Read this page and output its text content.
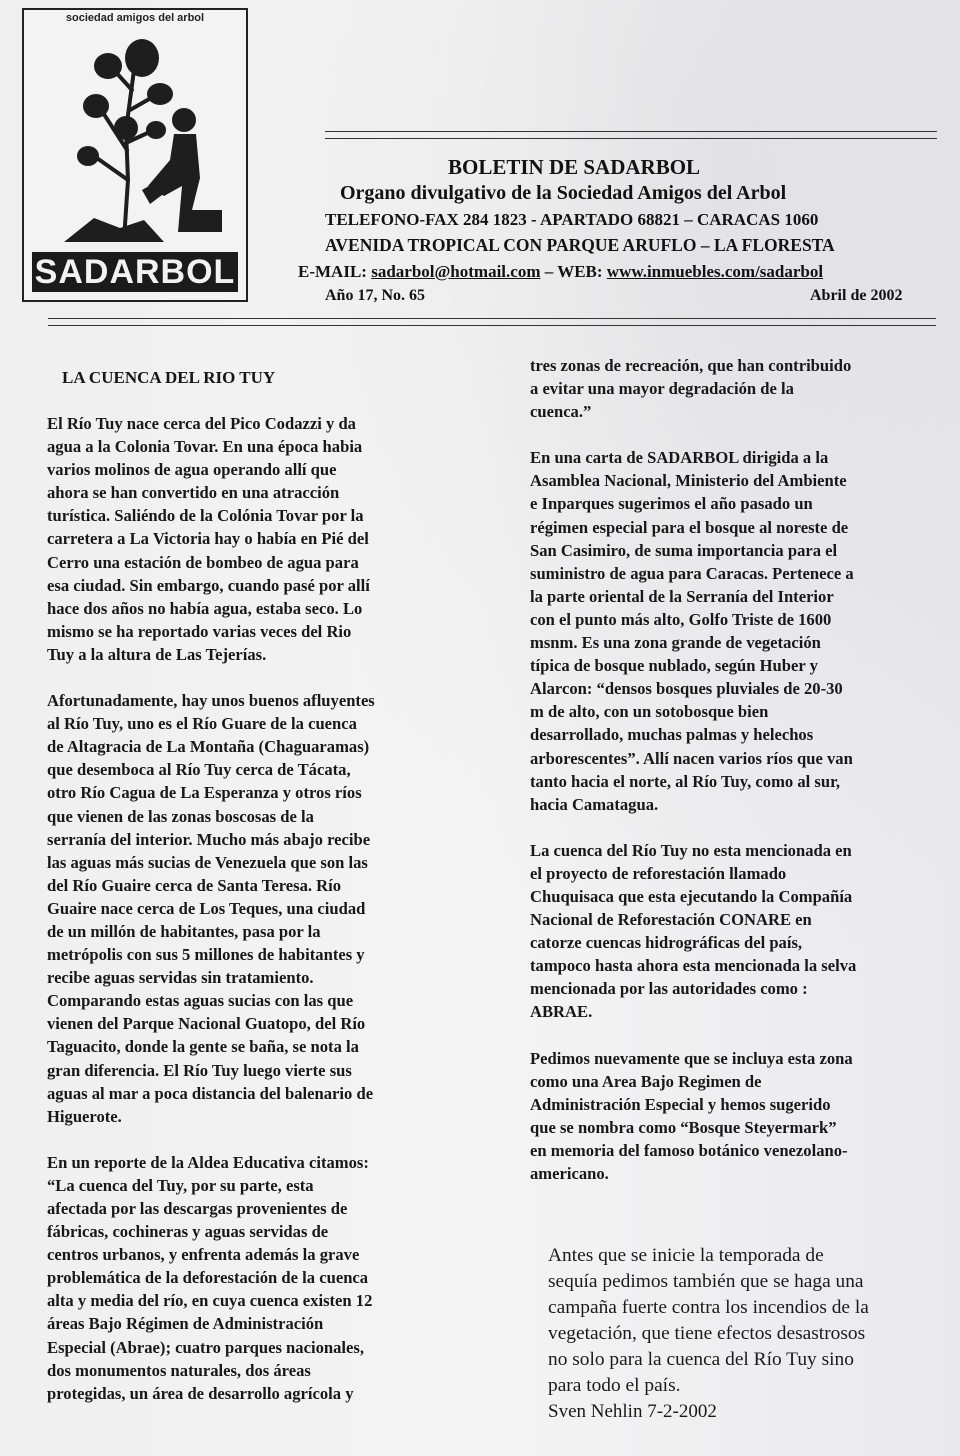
sociedad amigos del arbol
SADARBOL
BOLETIN DE SADARBOL
Organo divulgativo de la Sociedad Amigos del Arbol
TELEFONO-FAX 284 1823 - APARTADO 68821 – CARACAS 1060
AVENIDA TROPICAL CON PARQUE ARUFLO – LA FLORESTA
E-MAIL: sadarbol@hotmail.com – WEB: www.inmuebles.com/sadarbol
Año 17, No. 65	Abril de 2002
LA CUENCA DEL RIO TUY
El Río Tuy nace cerca del Pico Codazzi y da
agua a la Colonia Tovar. En una época habia
varios molinos de agua operando allí que
ahora se han convertido en una atracción
turística. Saliéndo de la Colónia Tovar por la
carretera a La Victoria hay o había en Pié del
Cerro una estación de bombeo de agua para
esa ciudad. Sin embargo, cuando pasé por allí
hace dos años no había agua, estaba seco. Lo
mismo se ha reportado varias veces del Rio
Tuy a la altura de Las Tejerías.
Afortunadamente, hay unos buenos afluyentes
al Río Tuy, uno es el Río Guare de la cuenca
de Altagracia de La Montaña (Chaguaramas)
que desemboca al Río Tuy cerca de Tácata,
otro Río Cagua de La Esperanza y otros ríos
que vienen de las zonas boscosas de la
serranía del interior. Mucho más abajo recibe
las aguas más sucias de Venezuela que son las
del Río Guaire cerca de Santa Teresa. Río
Guaire nace cerca de Los Teques, una ciudad
de un millón de habitantes, pasa por la
metrópolis con sus 5 millones de habitantes y
recibe aguas servidas sin tratamiento.
Comparando estas aguas sucias con las que
vienen del Parque Nacional Guatopo, del Río
Taguacito, donde la gente se baña, se nota la
gran diferencia. El Río Tuy luego vierte sus
aguas al mar a poca distancia del balenario de
Higuerote.
En un reporte de la Aldea Educativa citamos:
“La cuenca del Tuy, por su parte, esta
afectada por las descargas provenientes de
fábricas, cochineras y aguas servidas de
centros urbanos, y enfrenta además la grave
problemática de la deforestación de la cuenca
alta y media del río, en cuya cuenca existen 12
áreas Bajo Régimen de Administración
Especial (Abrae); cuatro parques nacionales,
dos monumentos naturales, dos áreas
protegidas, un área de desarrollo agrícola y
tres zonas de recreación, que han contribuido
a evitar una mayor degradación de la
cuenca.”
En una carta de SADARBOL dirigida a la
Asamblea Nacional, Ministerio del Ambiente
e Inparques sugerimos el año pasado un
régimen especial para el bosque al noreste de
San Casimiro, de suma importancia para el
suministro de agua para Caracas. Pertenece a
la parte oriental de la Serranía del Interior
con el punto más alto, Golfo Triste de 1600
msnm. Es una zona grande de vegetación
típica de bosque nublado, según Huber y
Alarcon: “densos bosques pluviales de 20-30
m de alto, con un sotobosque bien
desarrollado, muchas palmas y helechos
arborescentes”. Allí nacen varios ríos que van
tanto hacia el norte, al Río Tuy, como al sur,
hacia Camatagua.
La cuenca del Río Tuy no esta mencionada en
el proyecto de reforestación llamado
Chuquisaca que esta ejecutando la Compañía
Nacional de Reforestación CONARE en
catorze cuencas hidrográficas del país,
tampoco hasta ahora esta mencionada la selva
mencionada por las autoridades como :
ABRAE.
Pedimos nuevamente que se incluya esta zona
como una Area Bajo Regimen de
Administración Especial y hemos sugerido
que se nombra como “Bosque Steyermark”
en memoria del famoso botánico venezolano-
americano.
Antes que se inicie la temporada de
sequía pedimos también que se haga una
campaña fuerte contra los incendios de la
vegetación, que tiene efectos desastrosos
no solo para la cuenca del Río Tuy sino
para todo el país.
Sven Nehlin 7-2-2002
